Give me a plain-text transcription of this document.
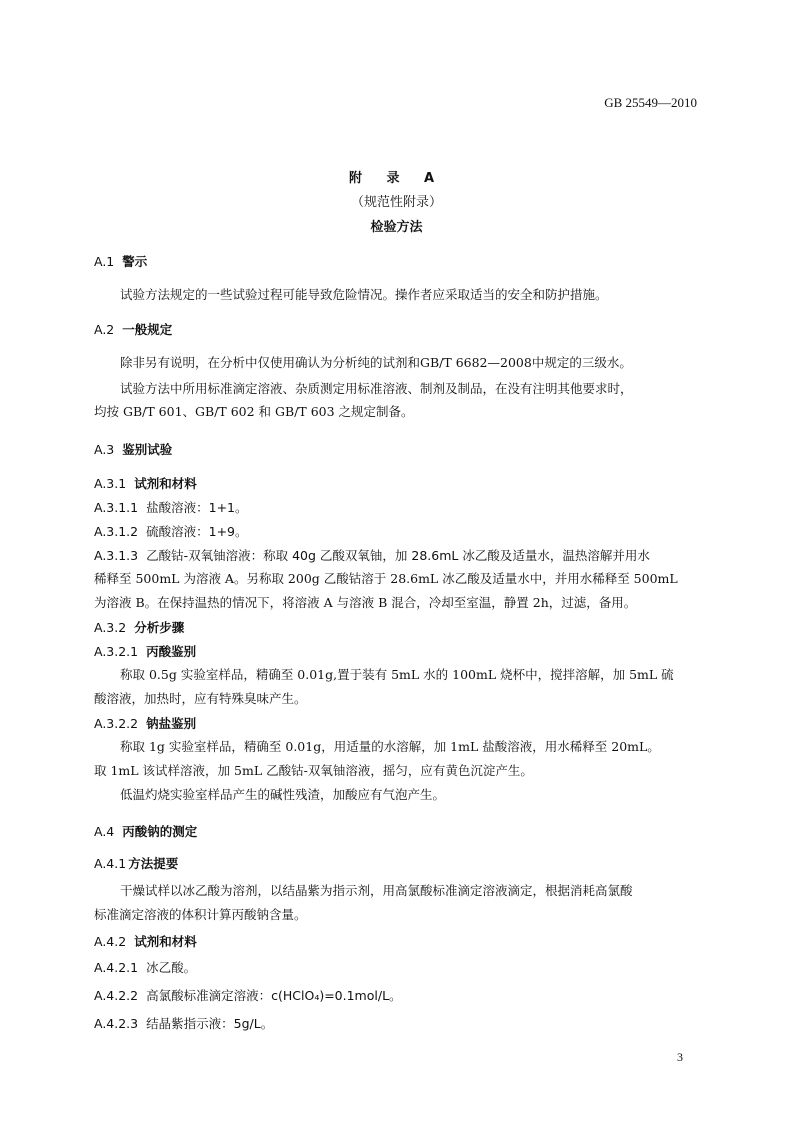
GB 25549—2010
附 录 A
（规范性附录）
检验方法
A.1 警示
试验方法规定的一些试验过程可能导致危险情况。操作者应采取适当的安全和防护措施。
A.2 一般规定
除非另有说明，在分析中仅使用确认为分析纯的试剂和GB/T 6682—2008中规定的三级水。
试验方法中所用标准滴定溶液、杂质测定用标准溶液、制剂及制品，在没有注明其他要求时，
均按 GB/T 601、GB/T 602 和 GB/T 603 之规定制备。
A.3 鉴别试验
A.3.1 试剂和材料
A.3.1.1 盐酸溶液：1+1。
A.3.1.2 硫酸溶液：1+9。
A.3.1.3 乙酸钴-双氧铀溶液：称取 40g 乙酸双氧铀，加 28.6mL 冰乙酸及适量水，温热溶解并用水
稀释至 500mL 为溶液 A。另称取 200g 乙酸钴溶于 28.6mL 冰乙酸及适量水中，并用水稀释至 500mL
为溶液 B。在保持温热的情况下，将溶液 A 与溶液 B 混合，冷却至室温，静置 2h，过滤，备用。
A.3.2 分析步骤
A.3.2.1 丙酸鉴别
称取 0.5g 实验室样品，精确至 0.01g,置于装有 5mL 水的 100mL 烧杯中，搅拌溶解，加 5mL 硫
酸溶液，加热时，应有特殊臭味产生。
A.3.2.2 钠盐鉴别
称取 1g 实验室样品，精确至 0.01g，用适量的水溶解，加 1mL 盐酸溶液，用水稀释至 20mL。
取 1mL 该试样溶液，加 5mL 乙酸钴-双氧铀溶液，摇匀，应有黄色沉淀产生。
低温灼烧实验室样品产生的碱性残渣，加酸应有气泡产生。
A.4 丙酸钠的测定
A.4.1 方法提要
干燥试样以冰乙酸为溶剂，以结晶紫为指示剂，用高氯酸标准滴定溶液滴定，根据消耗高氯酸
标准滴定溶液的体积计算丙酸钠含量。
A.4.2 试剂和材料
A.4.2.1 冰乙酸。
A.4.2.2 高氯酸标准滴定溶液：c(HClO₄)=0.1mol/L。
A.4.2.3 结晶紫指示液：5g/L。
3
